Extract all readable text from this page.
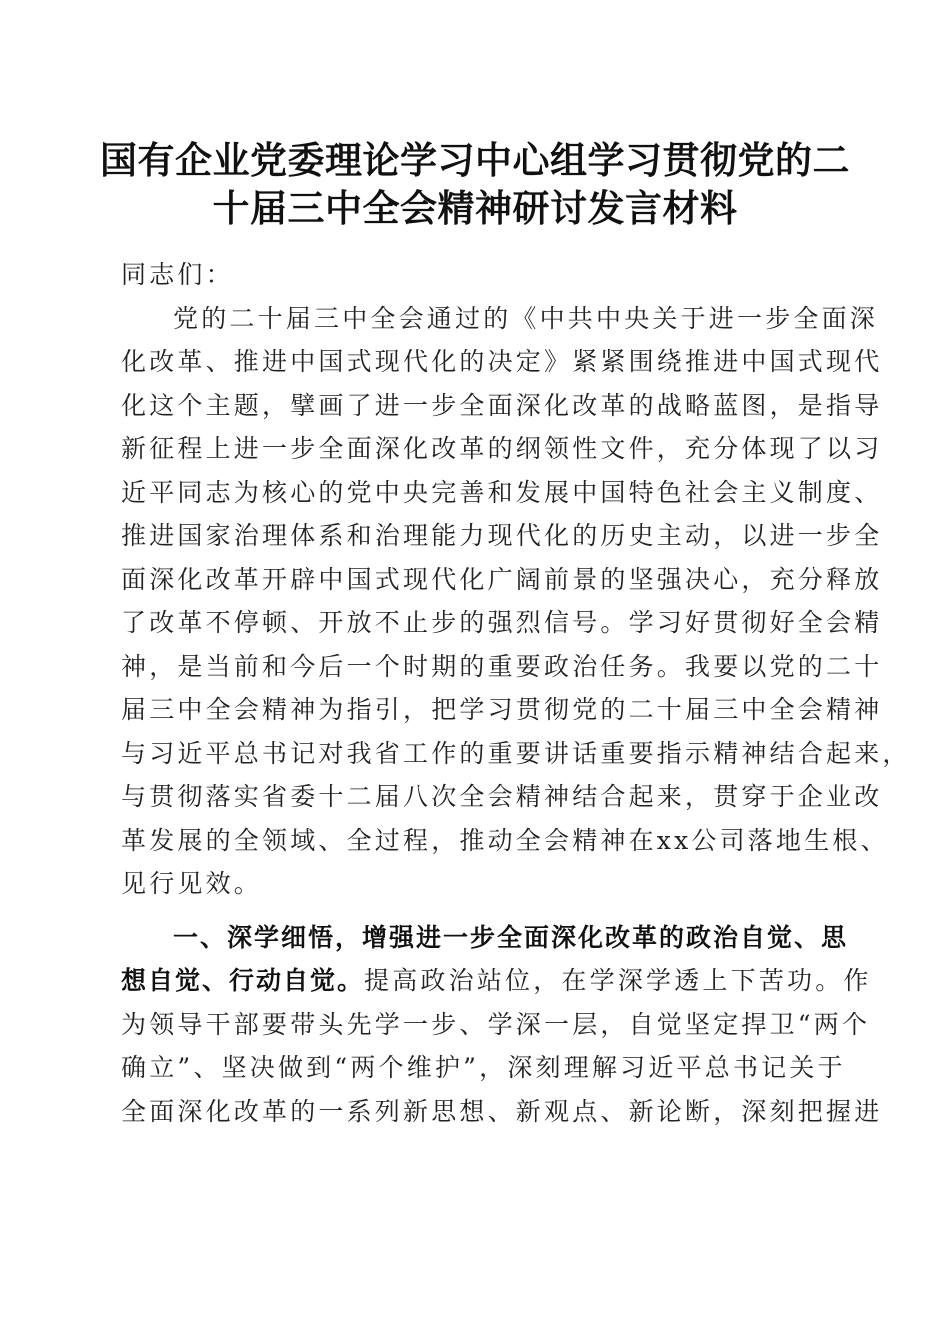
国有企业党委理论学习中心组学习贯彻党的二
十届三中全会精神研讨发言材料
同志们：
党的二十届三中全会通过的《中共中央关于进一步全面深
化改革、推进中国式现代化的决定》紧紧围绕推进中国式现代
化这个主题，擘画了进一步全面深化改革的战略蓝图，是指导
新征程上进一步全面深化改革的纲领性文件，充分体现了以习
近平同志为核心的党中央完善和发展中国特色社会主义制度、
推进国家治理体系和治理能力现代化的历史主动，以进一步全
面深化改革开辟中国式现代化广阔前景的坚强决心，充分释放
了改革不停顿、开放不止步的强烈信号。学习好贯彻好全会精
神，是当前和今后一个时期的重要政治任务。我要以党的二十
届三中全会精神为指引，把学习贯彻党的二十届三中全会精神
与习近平总书记对我省工作的重要讲话重要指示精神结合起来，
与贯彻落实省委十二届八次全会精神结合起来，贯穿于企业改
革发展的全领域、全过程，推动全会精神在xx公司落地生根、
见行见效。
一、深学细悟，增强进一步全面深化改革的政治自觉、思
想自觉、行动自觉。提高政治站位，在学深学透上下苦功。作
为领导干部要带头先学一步、学深一层，自觉坚定捍卫“两个
确立”、坚决做到“两个维护”，深刻理解习近平总书记关于
全面深化改革的一系列新思想、新观点、新论断，深刻把握进
